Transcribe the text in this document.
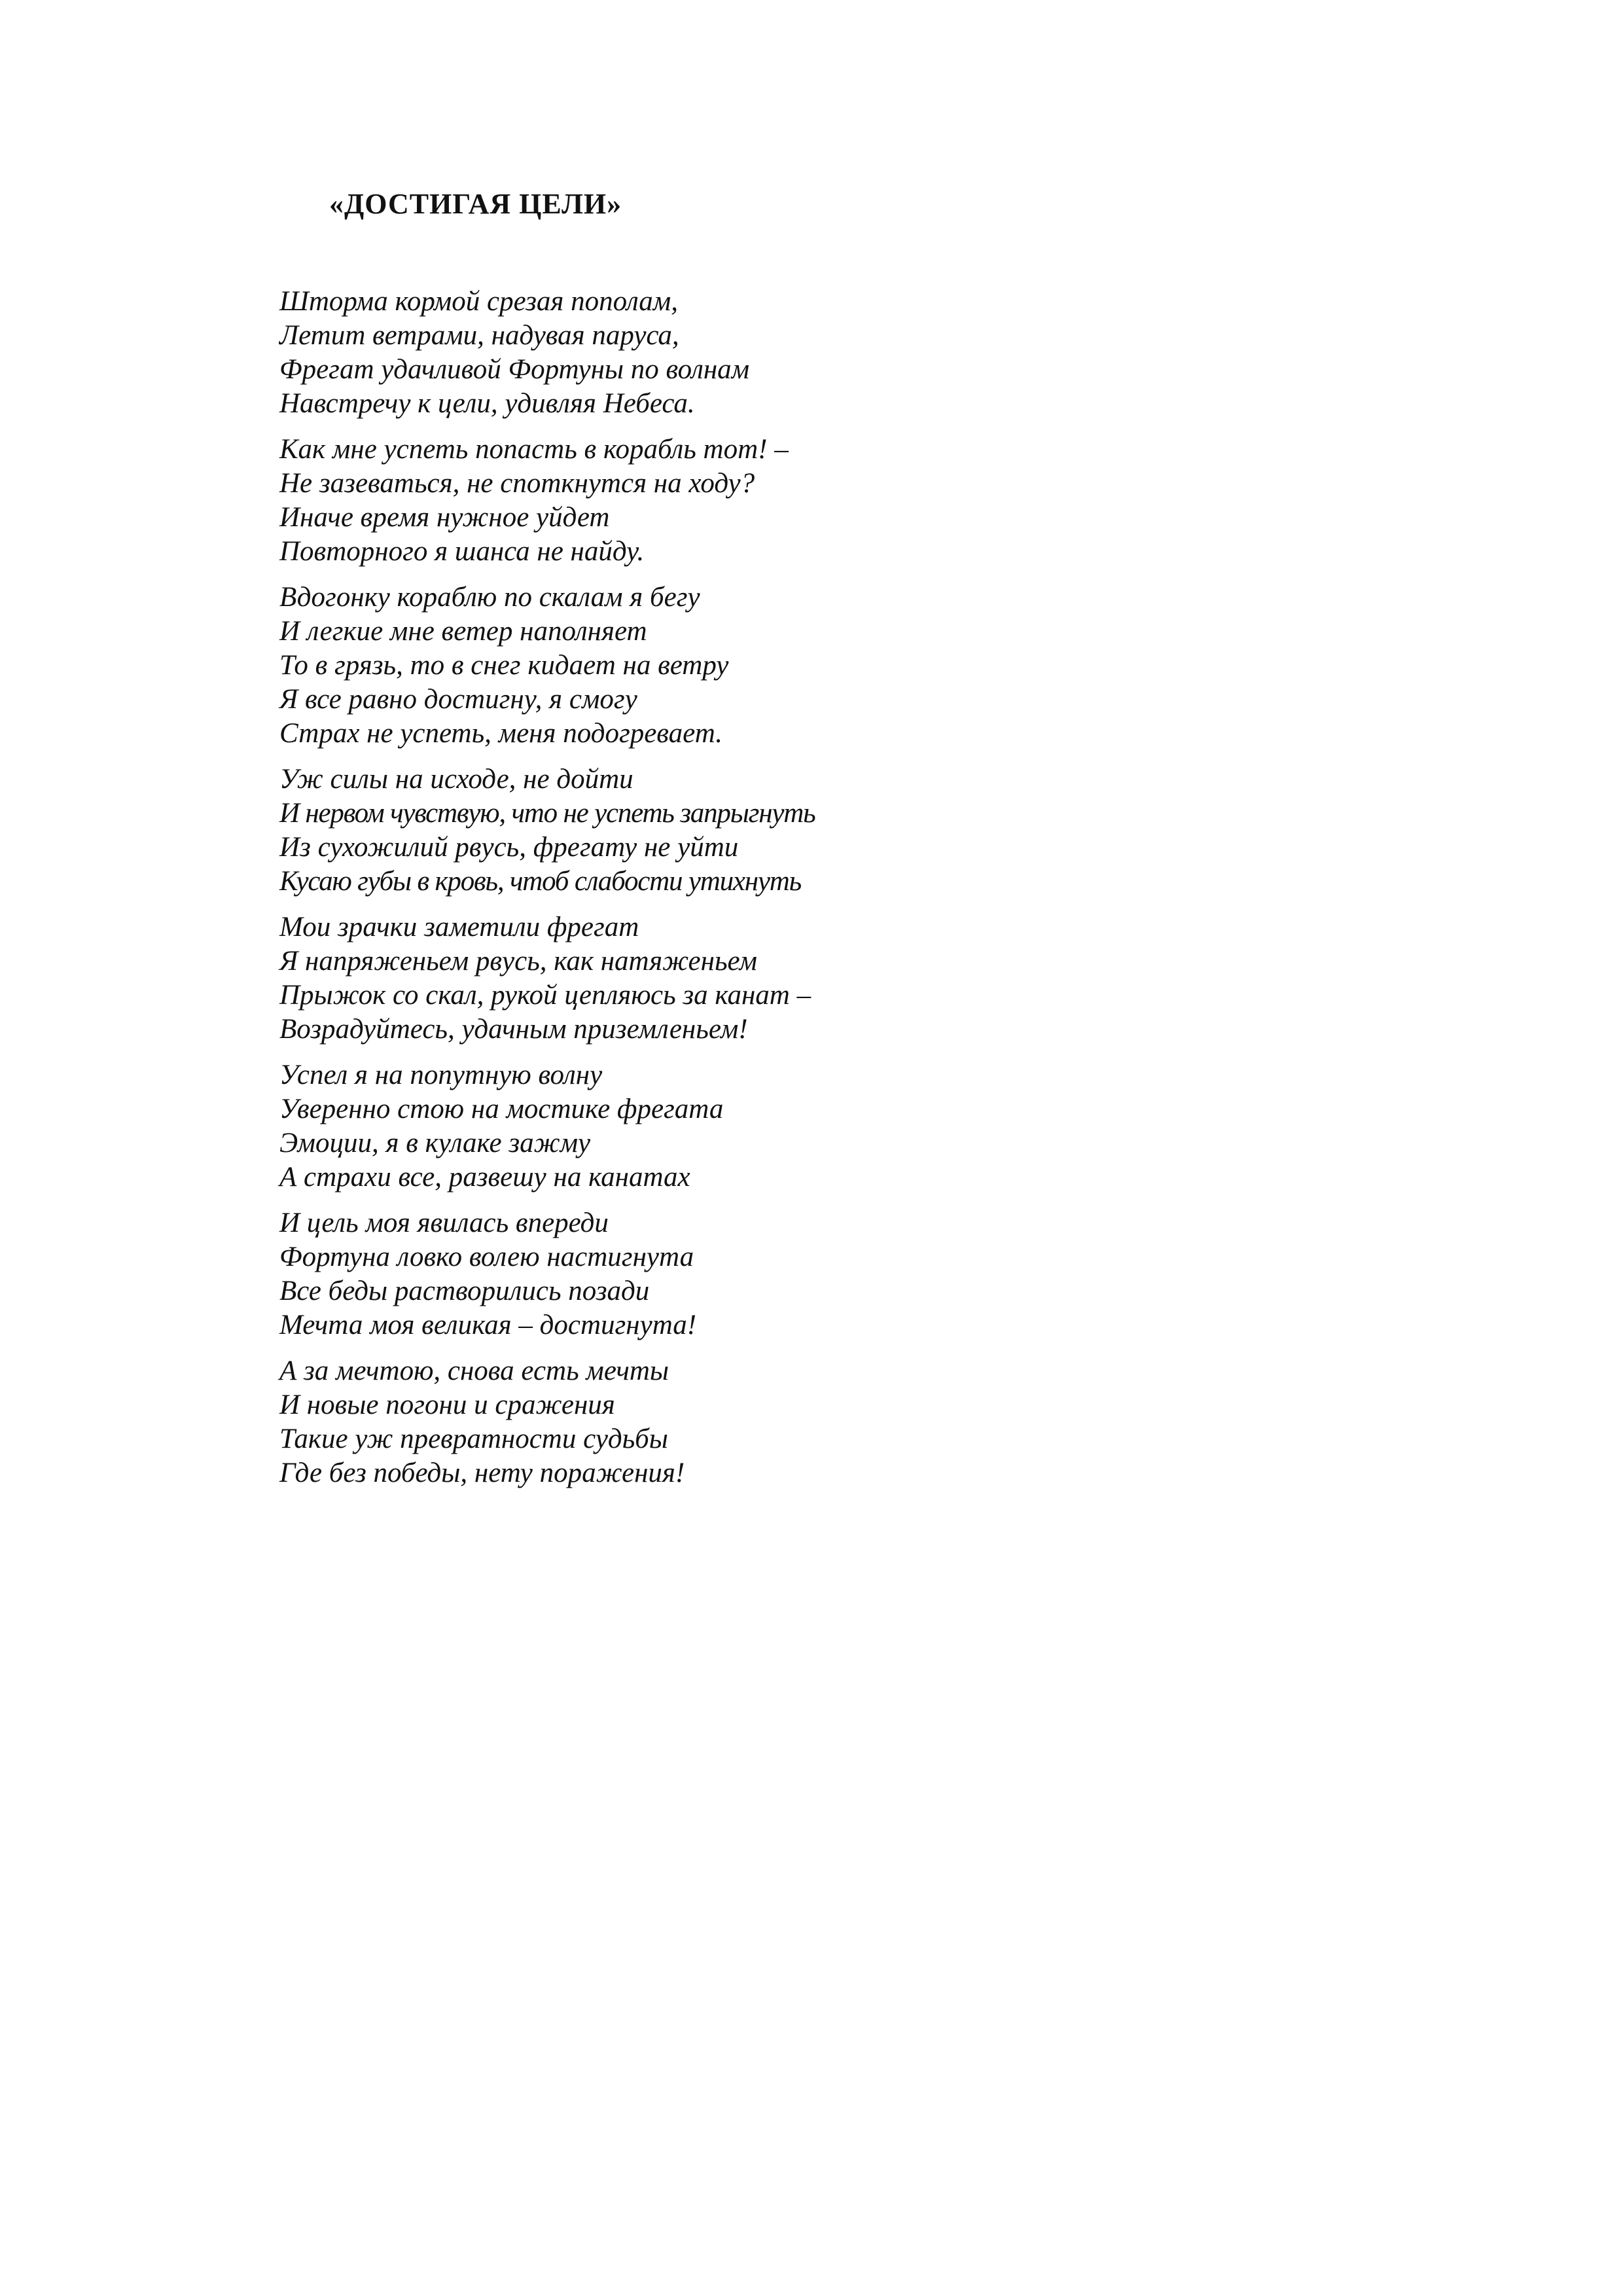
«ДОСТИГАЯ ЦЕЛИ»
Шторма кормой срезая пополам,
Летит ветрами, надувая паруса,
Фрегат удачливой Фортуны по волнам
Навстречу к цели, удивляя Небеса.
Как мне успеть попасть в корабль тот! –
Не зазеваться, не споткнутся на ходу?
Иначе время нужное уйдет
Повторного я шанса не найду.
Вдогонку кораблю по скалам я бегу
И легкие мне ветер наполняет
То в грязь, то в снег кидает на ветру
Я все равно достигну, я смогу
Страх не успеть, меня подогревает.
Уж силы на исходе, не дойти
И нервом чувствую, что не успеть запрыгнуть
Из сухожилий рвусь, фрегату не уйти
Кусаю губы в кровь, чтоб слабости утихнуть
Мои зрачки заметили фрегат
Я напряженьем рвусь, как натяженьем
Прыжок со скал, рукой цепляюсь за канат –
Возрадуйтесь, удачным приземленьем!
Успел я на попутную волну
Уверенно стою на мостике фрегата
Эмоции, я в кулаке зажму
А страхи все, развешу на канатах
И цель моя явилась впереди
Фортуна ловко волею настигнута
Все беды растворились позади
Мечта моя великая – достигнута!
А за мечтою, снова есть мечты
И новые погони и сражения
Такие уж превратности судьбы
Где без победы, нету поражения!
